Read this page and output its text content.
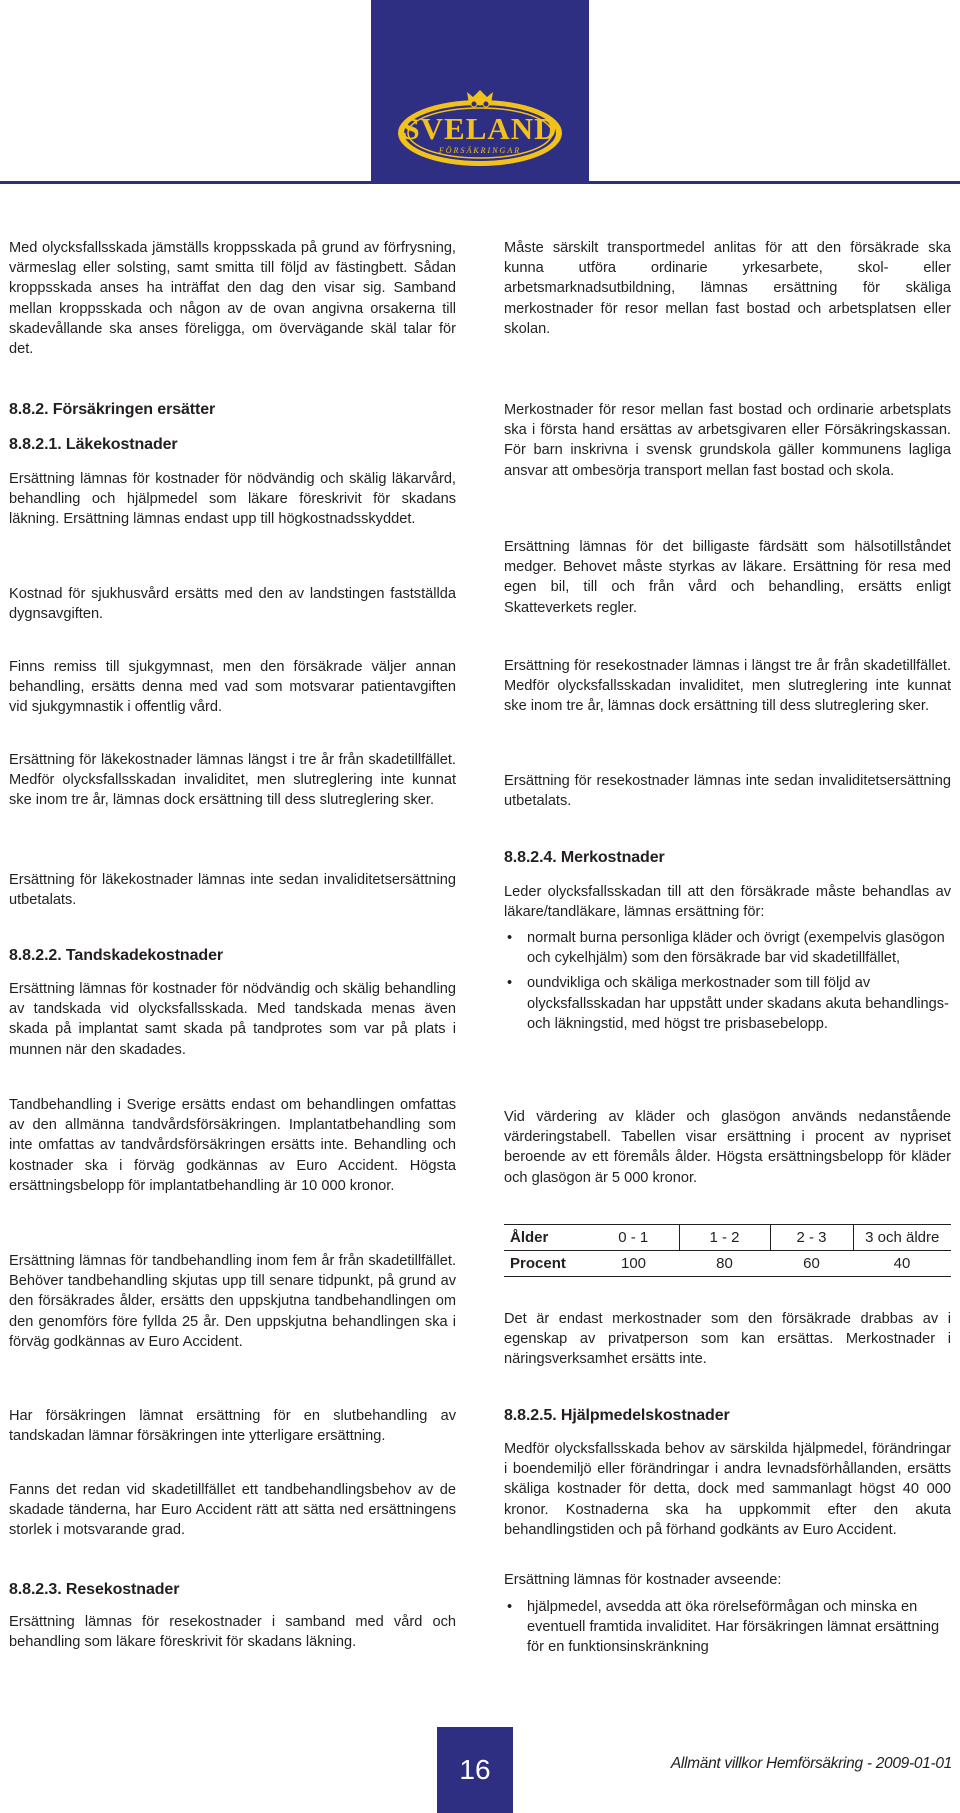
SVELAND
FÖRSÄKRINGAR

Med olycksfallsskada jämställs kroppsskada på grund av förfrysning, värmeslag eller solsting, samt smitta till följd av fästingbett. Sådan kroppsskada anses ha inträffat den dag den visar sig. Samband mellan kroppsskada och någon av de ovan angivna orsakerna till skadevållande ska anses föreligga, om övervägande skäl talar för det.

8.8.2. Försäkringen ersätter
8.8.2.1. Läkekostnader

Ersättning lämnas för kostnader för nödvändig och skälig läkarvård, behandling och hjälpmedel som läkare föreskrivit för skadans läkning. Ersättning lämnas endast upp till högkostnadsskyddet.

Kostnad för sjukhusvård ersätts med den av landstingen fastställda dygnsavgiften.

Finns remiss till sjukgymnast, men den försäkrade väljer annan behandling, ersätts denna med vad som motsvarar patientavgiften vid sjukgymnastik i offentlig vård.

Ersättning för läkekostnader lämnas längst i tre år från skadetillfället. Medför olycksfallsskadan invaliditet, men slutreglering inte kunnat ske inom tre år, lämnas dock ersättning till dess slutreglering sker.

Ersättning för läkekostnader lämnas inte sedan invaliditetsersättning utbetalats.

8.8.2.2. Tandskadekostnader

Ersättning lämnas för kostnader för nödvändig och skälig behandling av tandskada vid olycksfallsskada. Med tandskada menas även skada på implantat samt skada på tandprotes som var på plats i munnen när den skadades.

Tandbehandling i Sverige ersätts endast om behandlingen omfattas av den allmänna tandvårdsförsäkringen. Implantatbehandling som inte omfattas av tandvårdsförsäkringen ersätts inte. Behandling och kostnader ska i förväg godkännas av Euro Accident. Högsta ersättningsbelopp för implantatbehandling är 10 000 kronor.

Ersättning lämnas för tandbehandling inom fem år från skadetillfället. Behöver tandbehandling skjutas upp till senare tidpunkt, på grund av den försäkrades ålder, ersätts den uppskjutna tandbehandlingen om den genomförs före fyllda 25 år. Den uppskjutna behandlingen ska i förväg godkännas av Euro Accident.

Har försäkringen lämnat ersättning för en slutbehandling av tandskadan lämnar försäkringen inte ytterligare ersättning.

Fanns det redan vid skadetillfället ett tandbehandlingsbehov av de skadade tänderna, har Euro Accident rätt att sätta ned ersättningens storlek i motsvarande grad.

8.8.2.3. Resekostnader

Ersättning lämnas för resekostnader i samband med vård och behandling som läkare föreskrivit för skadans läkning.

Måste särskilt transportmedel anlitas för att den försäkrade ska kunna utföra ordinarie yrkesarbete, skol- eller arbetsmarknadsutbildning, lämnas ersättning för skäliga merkostnader för resor mellan fast bostad och arbetsplatsen eller skolan.

Merkostnader för resor mellan fast bostad och ordinarie arbetsplats ska i första hand ersättas av arbetsgivaren eller Försäkringskassan. För barn inskrivna i svensk grundskola gäller kommunens lagliga ansvar att ombesörja transport mellan fast bostad och skola.

Ersättning lämnas för det billigaste färdsätt som hälsotillståndet medger. Behovet måste styrkas av läkare. Ersättning för resa med egen bil, till och från vård och behandling, ersätts enligt Skatteverkets regler.

Ersättning för resekostnader lämnas i längst tre år från skadetillfället. Medför olycksfallsskadan invaliditet, men slutreglering inte kunnat ske inom tre år, lämnas dock ersättning till dess slutreglering sker.

Ersättning för resekostnader lämnas inte sedan invaliditetsersättning utbetalats.

8.8.2.4. Merkostnader

Leder olycksfallsskadan till att den försäkrade måste behandlas av läkare/tandläkare, lämnas ersättning för:

• normalt burna personliga kläder och övrigt (exempelvis glasögon och cykelhjälm) som den försäkrade bar vid skadetillfället,
• oundvikliga och skäliga merkostnader som till följd av olycksfallsskadan har uppstått under skadans akuta behandlings- och läkningstid, med högst tre prisbasebelopp.

Vid värdering av kläder och glasögon används nedanstående värderingstabell. Tabellen visar ersättning i procent av nypriset beroende av ett föremåls ålder. Högsta ersättningsbelopp för kläder och glasögon är 5 000 kronor.

Ålder	0 - 1	1 - 2	2 - 3	3 och äldre
Procent	100	80	60	40

Det är endast merkostnader som den försäkrade drabbas av i egenskap av privatperson som kan ersättas. Merkostnader i näringsverksamhet ersätts inte.

8.8.2.5. Hjälpmedelskostnader

Medför olycksfallsskada behov av särskilda hjälpmedel, förändringar i boendemiljö eller förändringar i andra levnadsförhållanden, ersätts skäliga kostnader för detta, dock med sammanlagt högst 40 000 kronor. Kostnaderna ska ha uppkommit efter den akuta behandlingstiden och på förhand godkänts av Euro Accident.

Ersättning lämnas för kostnader avseende:

• hjälpmedel, avsedda att öka rörelseförmågan och minska en eventuell framtida invaliditet. Har försäkringen lämnat ersättning för en funktionsinskränkning
16	Allmänt villkor Hemförsäkring - 2009-01-01
